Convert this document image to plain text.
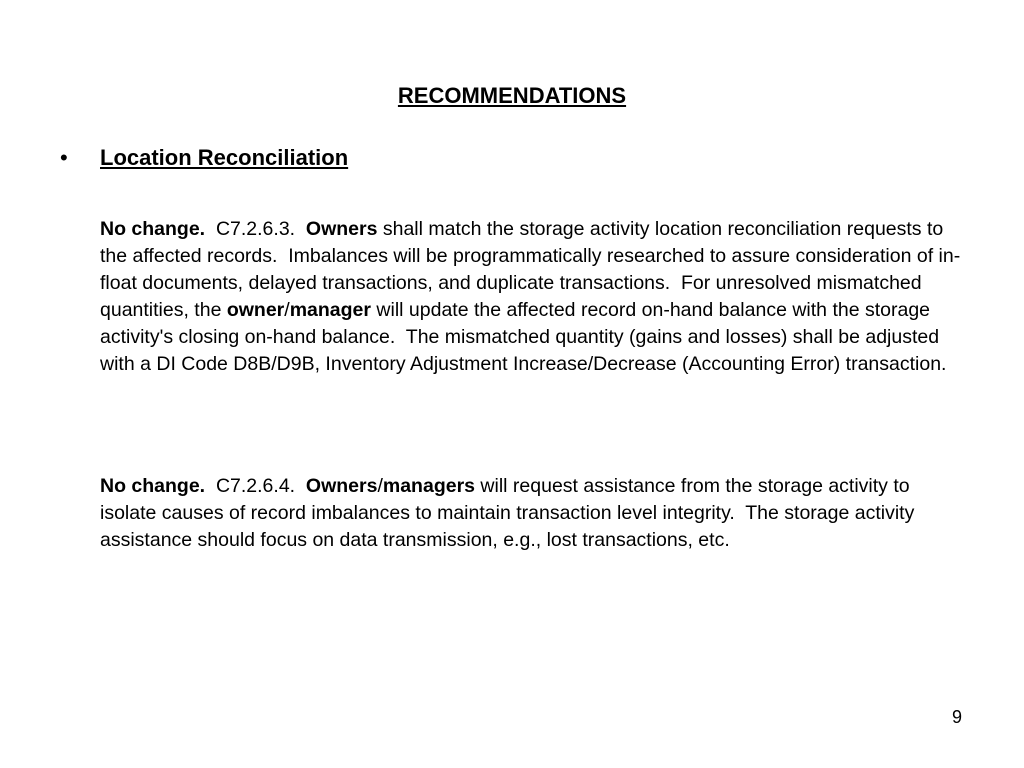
RECOMMENDATIONS
•	Location Reconciliation

No change.  C7.2.6.3.  Owners shall match the storage activity location reconciliation requests to the affected records.  Imbalances will be programmatically researched to assure consideration of in-float documents, delayed transactions, and duplicate transactions.  For unresolved mismatched quantities, the owner/manager will update the affected record on-hand balance with the storage activity's closing on-hand balance.  The mismatched quantity (gains and losses) shall be adjusted with a DI Code D8B/D9B, Inventory Adjustment Increase/Decrease (Accounting Error) transaction.

No change.  C7.2.6.4.  Owners/managers will request assistance from the storage activity to isolate causes of record imbalances to maintain transaction level integrity.  The storage activity assistance should focus on data transmission, e.g., lost transactions, etc.

9
